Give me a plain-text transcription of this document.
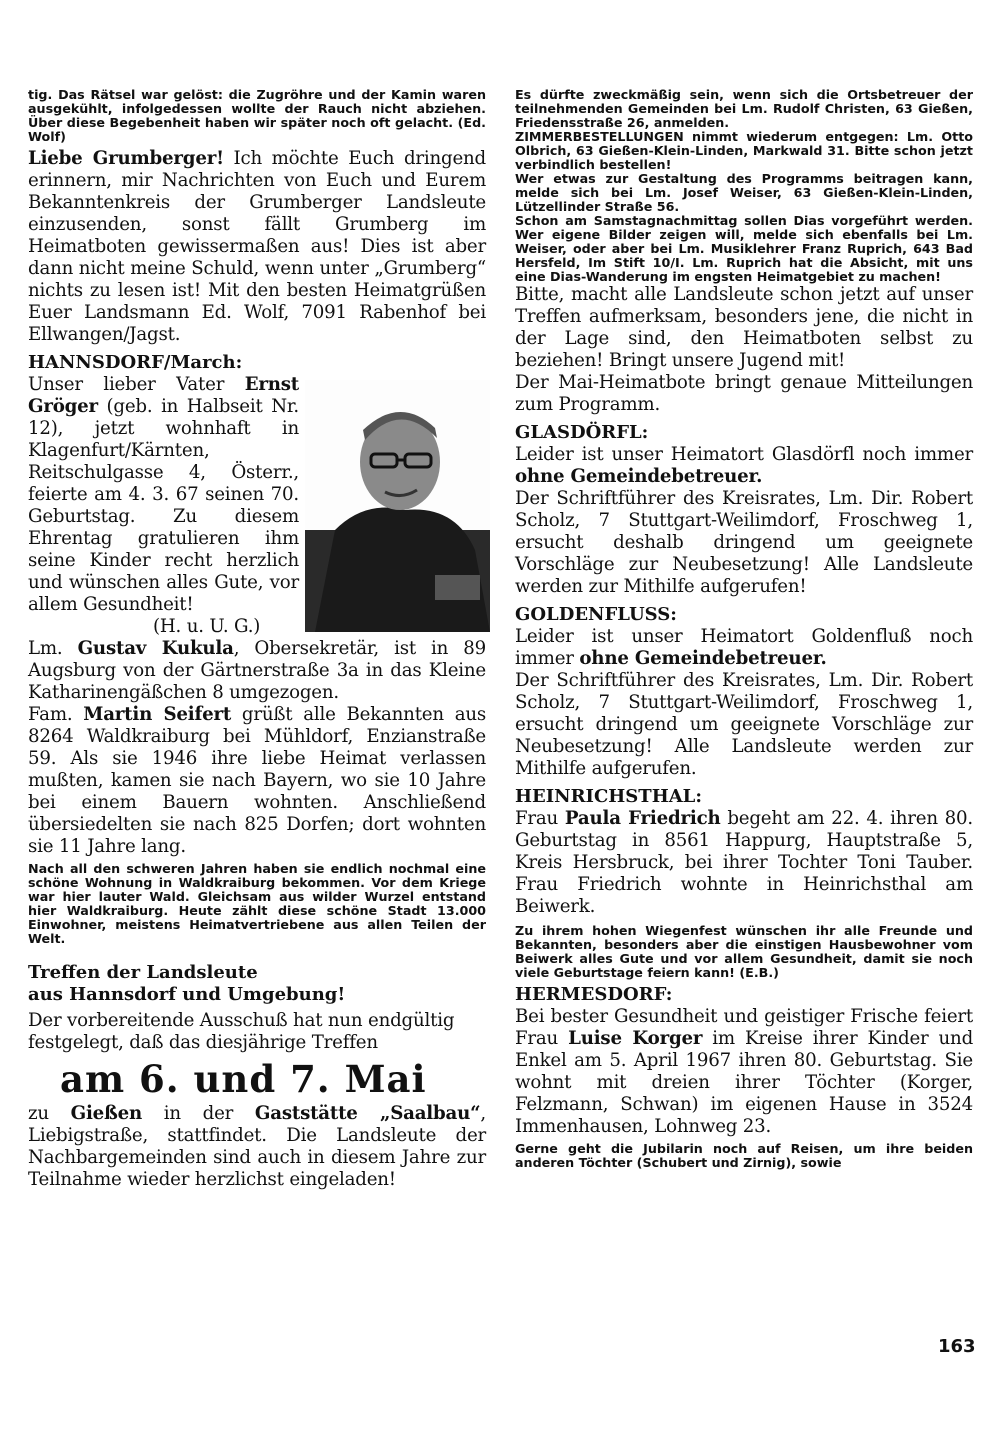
tig. Das Rätsel war gelöst: die Zugröhre und der Kamin waren ausgekühlt, infolgedessen wollte der Rauch nicht abziehen. Über diese Begebenheit haben wir später noch oft gelacht. (Ed. Wolf)

Liebe Grumberger! Ich möchte Euch dringend erinnern, mir Nachrichten von Euch und Eurem Bekanntenkreis der Grumberger Landsleute einzusenden, sonst fällt Grumberg im Heimatboten gewissermaßen aus! Dies ist aber dann nicht meine Schuld, wenn unter „Grumberg“ nichts zu lesen ist! Mit den besten Heimatgrüßen Euer Landsmann Ed. Wolf, 7091 Rabenhof bei Ellwangen/Jagst.

HANNSDORF/March:

Unser lieber Vater Ernst Gröger (geb. in Halbseit Nr. 12), jetzt wohnhaft in Klagenfurt/Kärnten, Reitschulgasse 4, Österr., feierte am 4. 3. 67 seinen 70. Geburtstag. Zu diesem Ehrentag gratulieren ihm seine Kinder recht herzlich und wünschen alles Gute, vor allem Gesundheit!

(H. u. U. G.)

Lm. Gustav Kukula, Obersekretär, ist in 89 Augsburg von der Gärtnerstraße 3a in das Kleine Katharinengäßchen 8 umgezogen.

Fam. Martin Seifert grüßt alle Bekannten aus 8264 Waldkraiburg bei Mühldorf, Enzianstraße 59. Als sie 1946 ihre liebe Heimat verlassen mußten, kamen sie nach Bayern, wo sie 10 Jahre bei einem Bauern wohnten. Anschließend übersiedelten sie nach 825 Dorfen; dort wohnten sie 11 Jahre lang.

Nach all den schweren Jahren haben sie endlich nochmal eine schöne Wohnung in Waldkraiburg bekommen. Vor dem Kriege war hier lauter Wald. Gleichsam aus wilder Wurzel entstand hier Waldkraiburg. Heute zählt diese schöne Stadt 13.000 Einwohner, meistens Heimatvertriebene aus allen Teilen der Welt.

Treffen der Landsleute

aus Hannsdorf und Umgebung!

Der vorbereitende Ausschuß hat nun endgültig festgelegt, daß das diesjährige Treffen

am 6. und 7. Mai

zu Gießen in der Gaststätte „Saalbau“, Liebigstraße, stattfindet. Die Landsleute der Nachbargemeinden sind auch in diesem Jahre zur Teilnahme wieder herzlichst eingeladen!

Es dürfte zweckmäßig sein, wenn sich die Ortsbetreuer der teilnehmenden Gemeinden bei Lm. Rudolf Christen, 63 Gießen, Friedensstraße 26, anmelden.

ZIMMERBESTELLUNGEN nimmt wiederum entgegen: Lm. Otto Olbrich, 63 Gießen-Klein-Linden, Markwald 31. Bitte schon jetzt verbindlich bestellen!

Wer etwas zur Gestaltung des Programms beitragen kann, melde sich bei Lm. Josef Weiser, 63 Gießen-Klein-Linden, Lützellinder Straße 56.

Schon am Samstagnachmittag sollen Dias vorgeführt werden. Wer eigene Bilder zeigen will, melde sich ebenfalls bei Lm. Weiser, oder aber bei Lm. Musiklehrer Franz Ruprich, 643 Bad Hersfeld, Im Stift 10/I. Lm. Ruprich hat die Absicht, mit uns eine Dias-Wanderung im engsten Heimatgebiet zu machen!

Bitte, macht alle Landsleute schon jetzt auf unser Treffen aufmerksam, besonders jene, die nicht in der Lage sind, den Heimatboten selbst zu beziehen! Bringt unsere Jugend mit!

Der Mai-Heimatbote bringt genaue Mitteilungen zum Programm.

GLASDÖRFL:

Leider ist unser Heimatort Glasdörfl noch immer ohne Gemeindebetreuer.

Der Schriftführer des Kreisrates, Lm. Dir. Robert Scholz, 7 Stuttgart-Weilimdorf, Froschweg 1, ersucht deshalb dringend um geeignete Vorschläge zur Neubesetzung! Alle Landsleute werden zur Mithilfe aufgerufen!

GOLDENFLUSS:

Leider ist unser Heimatort Goldenfluß noch immer ohne Gemeindebetreuer.

Der Schriftführer des Kreisrates, Lm. Dir. Robert Scholz, 7 Stuttgart-Weilimdorf, Froschweg 1, ersucht dringend um geeignete Vorschläge zur Neubesetzung! Alle Landsleute werden zur Mithilfe aufgerufen.

HEINRICHSTHAL:

Frau Paula Friedrich begeht am 22. 4. ihren 80. Geburtstag in 8561 Happurg, Hauptstraße 5, Kreis Hersbruck, bei ihrer Tochter Toni Tauber. Frau Friedrich wohnte in Heinrichsthal am Beiwerk.

Zu ihrem hohen Wiegenfest wünschen ihr alle Freunde und Bekannten, besonders aber die einstigen Hausbewohner vom Beiwerk alles Gute und vor allem Gesundheit, damit sie noch viele Geburtstage feiern kann! (E.B.)

HERMESDORF:

Bei bester Gesundheit und geistiger Frische feiert Frau Luise Korger im Kreise ihrer Kinder und Enkel am 5. April 1967 ihren 80. Geburtstag. Sie wohnt mit dreien ihrer Töchter (Korger, Felzmann, Schwan) im eigenen Hause in 3524 Immenhausen, Lohnweg 23.

Gerne geht die Jubilarin noch auf Reisen, um ihre beiden anderen Töchter (Schubert und Zirnig), sowie

163
